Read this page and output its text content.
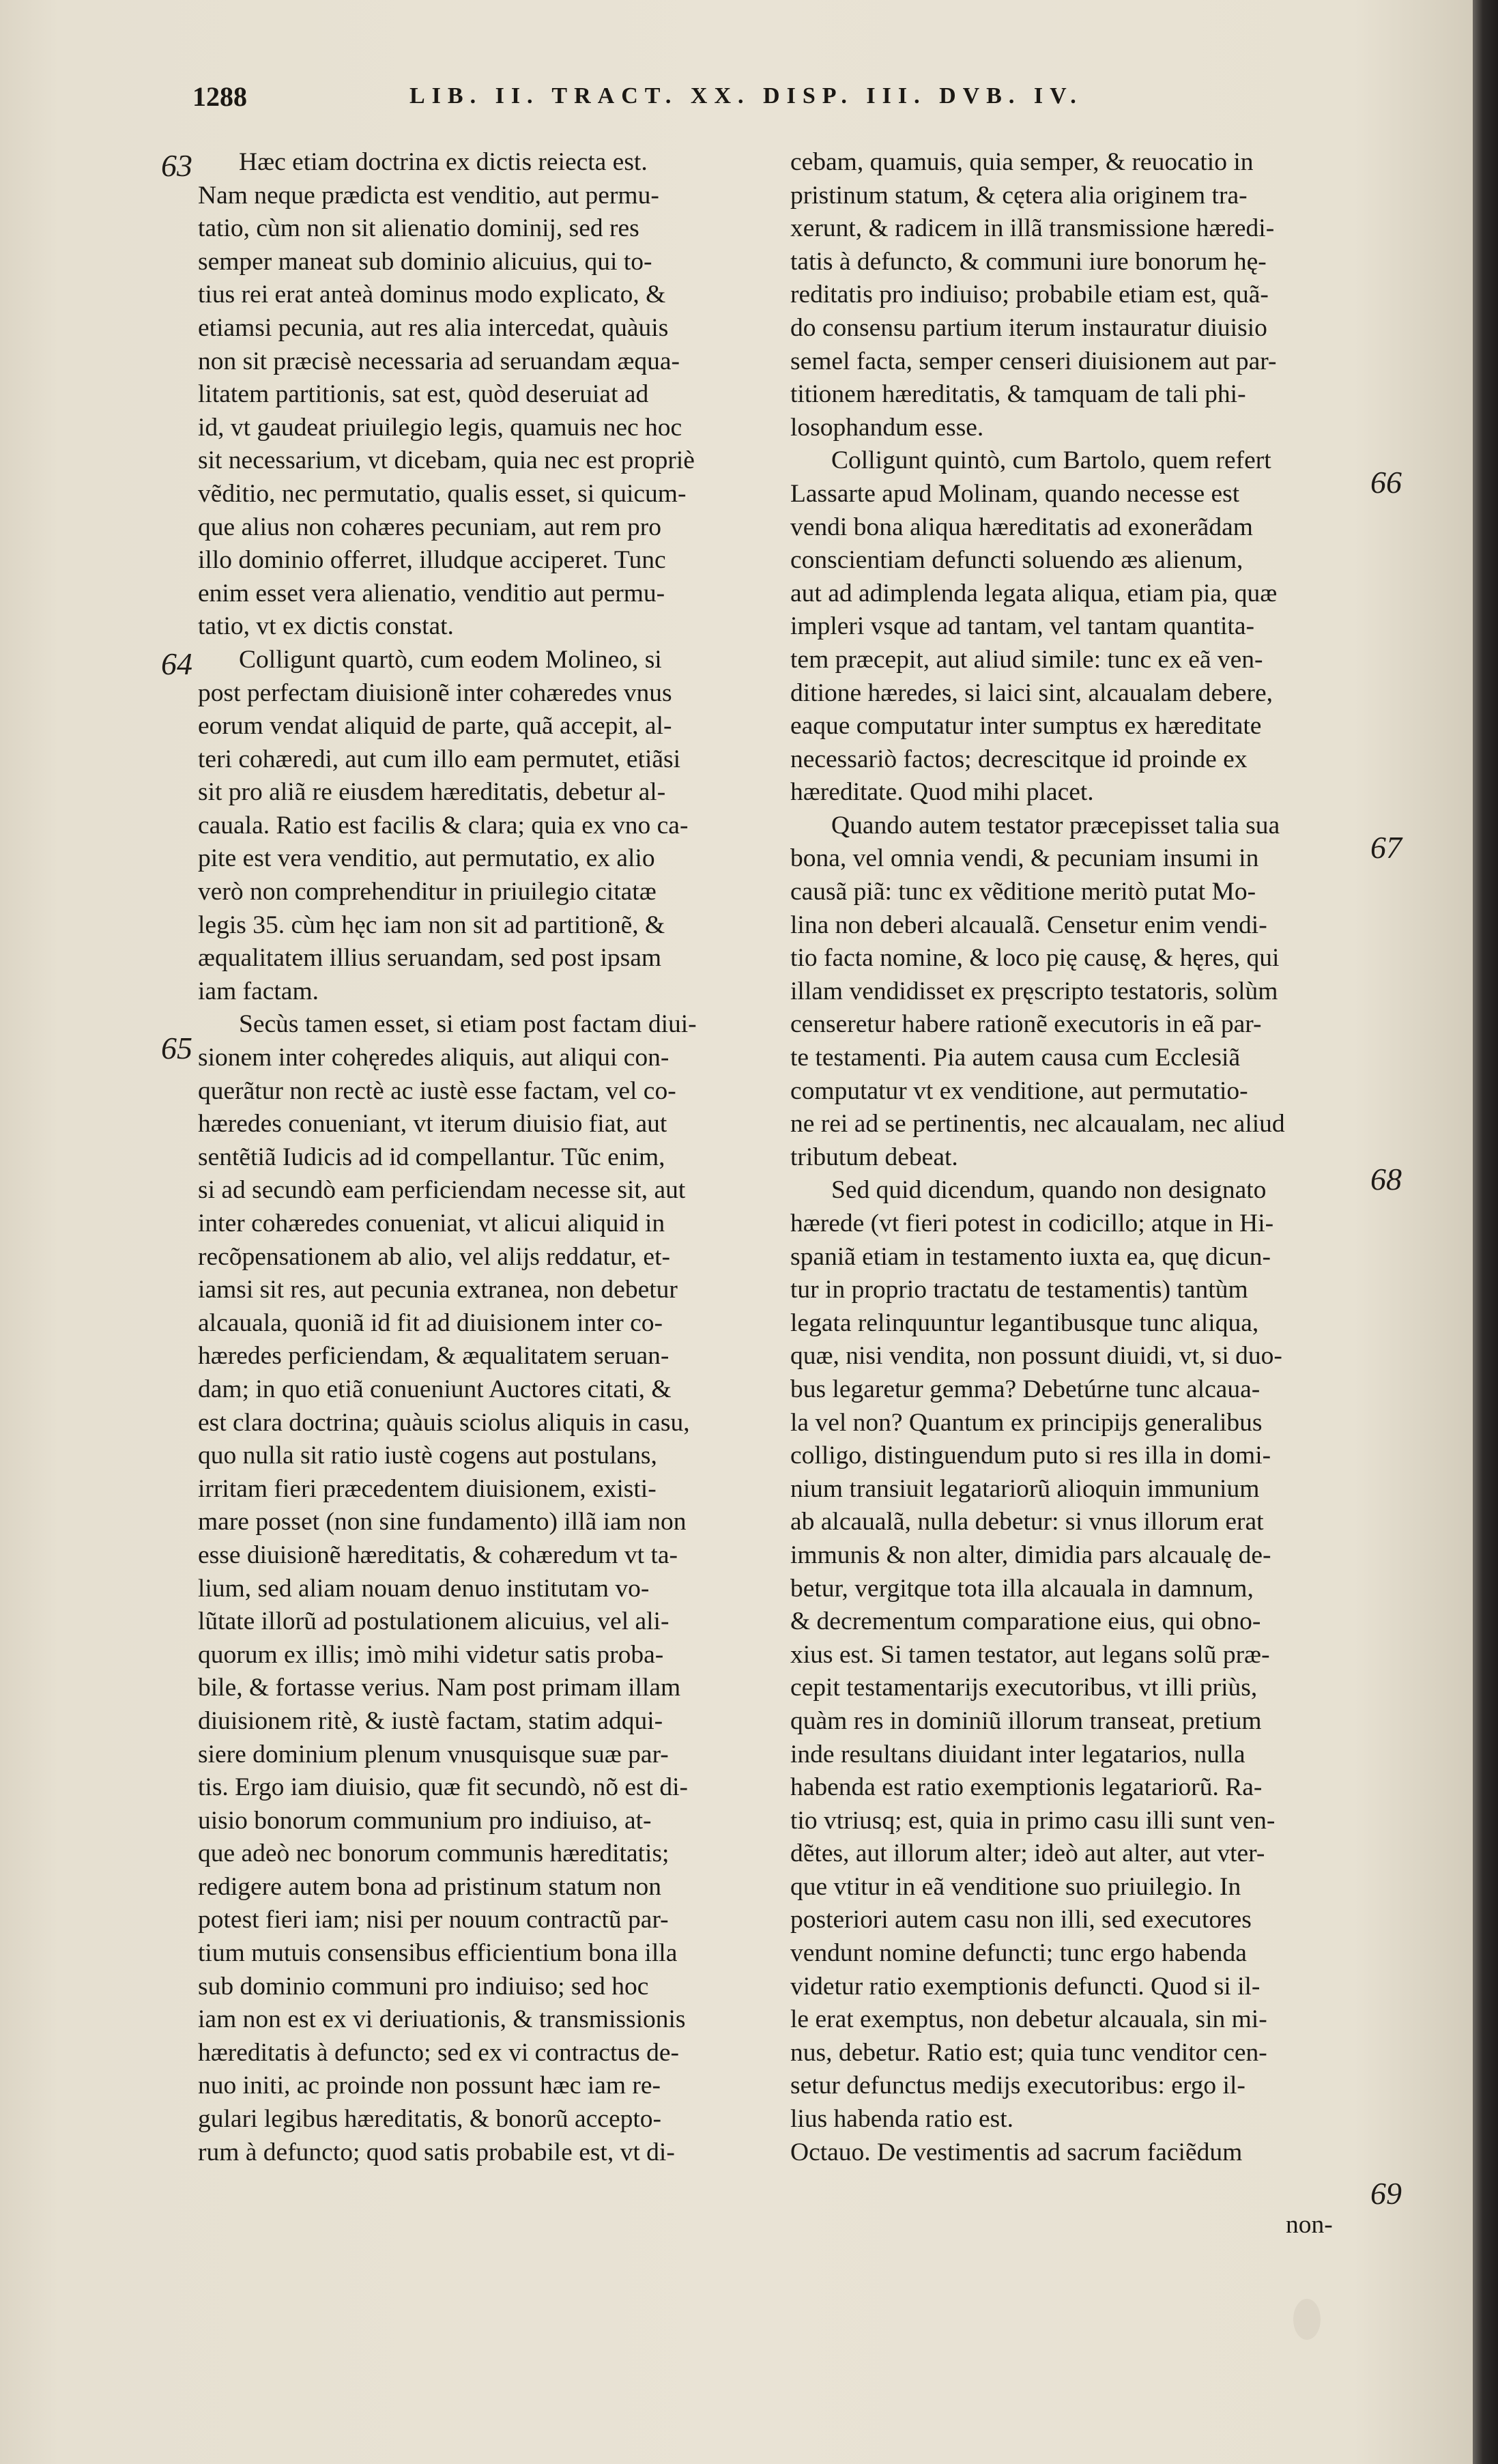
1288	LIB. II. TRACT. XX. DISP. III. DVB. IV.
63
64
65
66
67
68
69
Hæc etiam doctrina ex dictis reiecta est.
Nam neque prædicta est venditio, aut permu-
tatio, cùm non sit alienatio dominij, sed res
semper maneat sub dominio alicuius, qui to-
tius rei erat anteà dominus modo explicato, &
etiamsi pecunia, aut res alia intercedat, quàuis
non sit præcisè necessaria ad seruandam æqua-
litatem partitionis, sat est, quòd deseruiat ad
id, vt gaudeat priuilegio legis, quamuis nec hoc
sit necessarium, vt dicebam, quia nec est propriè
vẽditio, nec permutatio, qualis esset, si quicum-
que alius non cohæres pecuniam, aut rem pro
illo dominio offerret, illudque acciperet. Tunc
enim esset vera alienatio, venditio aut permu-
tatio, vt ex dictis constat.
Colligunt quartò, cum eodem Molineo, si
post perfectam diuisionẽ inter cohæredes vnus
eorum vendat aliquid de parte, quã accepit, al-
teri cohæredi, aut cum illo eam permutet, etiãsi
sit pro aliã re eiusdem hæreditatis, debetur al-
cauala. Ratio est facilis & clara; quia ex vno ca-
pite est vera venditio, aut permutatio, ex alio
verò non comprehenditur in priuilegio citatæ
legis 35. cùm hęc iam non sit ad partitionẽ, &
æqualitatem illius seruandam, sed post ipsam
iam factam.
Secùs tamen esset, si etiam post factam diui-
sionem inter cohęredes aliquis, aut aliqui con-
querãtur non rectè ac iustè esse factam, vel co-
hæredes conueniant, vt iterum diuisio fiat, aut
sentẽtiã Iudicis ad id compellantur. Tũc enim,
si ad secundò eam perficiendam necesse sit, aut
inter cohæredes conueniat, vt alicui aliquid in
recõpensationem ab alio, vel alijs reddatur, et-
iamsi sit res, aut pecunia extranea, non debetur
alcauala, quoniã id fit ad diuisionem inter co-
hæredes perficiendam, & æqualitatem seruan-
dam; in quo etiã conueniunt Auctores citati, &
est clara doctrina; quàuis sciolus aliquis in casu,
quo nulla sit ratio iustè cogens aut postulans,
irritam fieri præcedentem diuisionem, existi-
mare posset (non sine fundamento) illã iam non
esse diuisionẽ hæreditatis, & cohæredum vt ta-
lium, sed aliam nouam denuo institutam vo-
lũtate illorũ ad postulationem alicuius, vel ali-
quorum ex illis; imò mihi videtur satis proba-
bile, & fortasse verius. Nam post primam illam
diuisionem ritè, & iustè factam, statim adqui-
siere dominium plenum vnusquisque suæ par-
tis. Ergo iam diuisio, quæ fit secundò, nõ est di-
uisio bonorum communium pro indiuiso, at-
que adeò nec bonorum communis hæreditatis;
redigere autem bona ad pristinum statum non
potest fieri iam; nisi per nouum contractũ par-
tium mutuis consensibus efficientium bona illa
sub dominio communi pro indiuiso; sed hoc
iam non est ex vi deriuationis, & transmissionis
hæreditatis à defuncto; sed ex vi contractus de-
nuo initi, ac proinde non possunt hæc iam re-
gulari legibus hæreditatis, & bonorũ accepto-
rum à defuncto; quod satis probabile est, vt di-
cebam, quamuis, quia semper, & reuocatio in
pristinum statum, & cętera alia originem tra-
xerunt, & radicem in illã transmissione hæredi-
tatis à defuncto, & communi iure bonorum hę-
reditatis pro indiuiso; probabile etiam est, quã-
do consensu partium iterum instauratur diuisio
semel facta, semper censeri diuisionem aut par-
titionem hæreditatis, & tamquam de tali phi-
losophandum esse.
Colligunt quintò, cum Bartolo, quem refert
Lassarte apud Molinam, quando necesse est
vendi bona aliqua hæreditatis ad exonerãdam
conscientiam defuncti soluendo æs alienum,
aut ad adimplenda legata aliqua, etiam pia, quæ
impleri vsque ad tantam, vel tantam quantita-
tem præcepit, aut aliud simile: tunc ex eã ven-
ditione hæredes, si laici sint, alcaualam debere,
eaque computatur inter sumptus ex hæreditate
necessariò factos; decrescitque id proinde ex
hæreditate. Quod mihi placet.
Quando autem testator præcepisset talia sua
bona, vel omnia vendi, & pecuniam insumi in
causã piã: tunc ex vẽditione meritò putat Mo-
lina non deberi alcaualã. Censetur enim vendi-
tio facta nomine, & loco pię causę, & hęres, qui
illam vendidisset ex pręscripto testatoris, solùm
censeretur habere rationẽ executoris in eã par-
te testamenti. Pia autem causa cum Ecclesiã
computatur vt ex venditione, aut permutatio-
ne rei ad se pertinentis, nec alcaualam, nec aliud
tributum debeat.
Sed quid dicendum, quando non designato
hærede (vt fieri potest in codicillo; atque in Hi-
spaniã etiam in testamento iuxta ea, quę dicun-
tur in proprio tractatu de testamentis) tantùm
legata relinquuntur legantibusque tunc aliqua,
quæ, nisi vendita, non possunt diuidi, vt, si duo-
bus legaretur gemma? Debetúrne tunc alcaua-
la vel non? Quantum ex principijs generalibus
colligo, distinguendum puto si res illa in domi-
nium transiuit legatariorũ alioquin immunium
ab alcaualã, nulla debetur: si vnus illorum erat
immunis & non alter, dimidia pars alcaualę de-
betur, vergitque tota illa alcauala in damnum,
& decrementum comparatione eius, qui obno-
xius est. Si tamen testator, aut legans solũ præ-
cepit testamentarijs executoribus, vt illi priùs,
quàm res in dominiũ illorum transeat, pretium
inde resultans diuidant inter legatarios, nulla
habenda est ratio exemptionis legatariorũ. Ra-
tio vtriusq; est, quia in primo casu illi sunt ven-
dẽtes, aut illorum alter; ideò aut alter, aut vter-
que vtitur in eã venditione suo priuilegio. In
posteriori autem casu non illi, sed executores
vendunt nomine defuncti; tunc ergo habenda
videtur ratio exemptionis defuncti. Quod si il-
le erat exemptus, non debetur alcauala, sin mi-
nus, debetur. Ratio est; quia tunc venditor cen-
setur defunctus medijs executoribus: ergo il-
lius habenda ratio est.
Octauo. De vestimentis ad sacrum faciẽdum
non-
